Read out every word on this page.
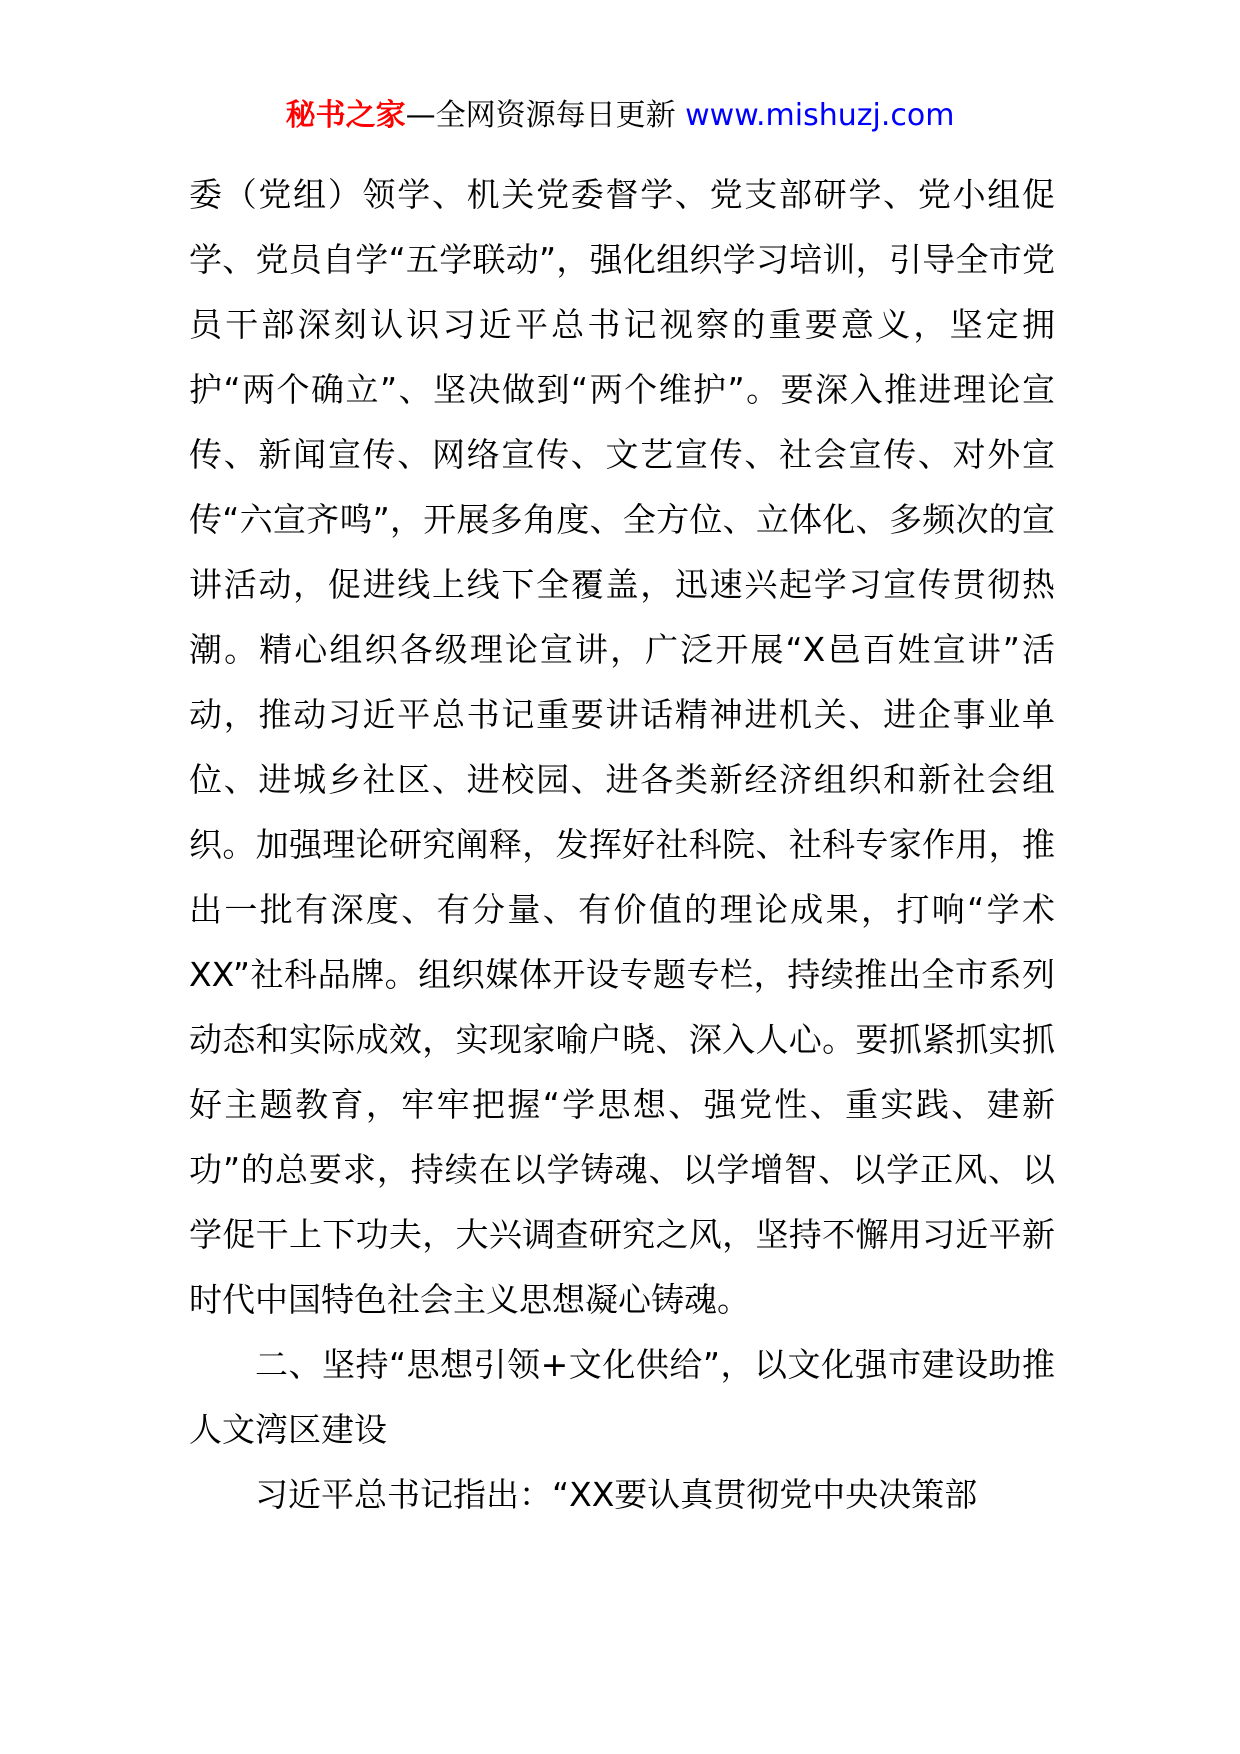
秘书之家—全网资源每日更新 www.mishuzj.com

委（党组）领学、机关党委督学、党支部研学、党小组促学、党员自学“五学联动”，强化组织学习培训，引导全市党员干部深刻认识习近平总书记视察的重要意义，坚定拥护“两个确立”、坚决做到“两个维护”。要深入推进理论宣传、新闻宣传、网络宣传、文艺宣传、社会宣传、对外宣传“六宣齐鸣”，开展多角度、全方位、立体化、多频次的宣讲活动，促进线上线下全覆盖，迅速兴起学习宣传贯彻热潮。精心组织各级理论宣讲，广泛开展“X邑百姓宣讲”活动，推动习近平总书记重要讲话精神进机关、进企事业单位、进城乡社区、进校园、进各类新经济组织和新社会组织。加强理论研究阐释，发挥好社科院、社科专家作用，推出一批有深度、有分量、有价值的理论成果，打响“学术XX”社科品牌。组织媒体开设专题专栏，持续推出全市系列动态和实际成效，实现家喻户晓、深入人心。要抓紧抓实抓好主题教育，牢牢把握“学思想、强党性、重实践、建新功”的总要求，持续在以学铸魂、以学增智、以学正风、以学促干上下功夫，大兴调查研究之风，坚持不懈用习近平新时代中国特色社会主义思想凝心铸魂。

二、坚持“思想引领+文化供给”，以文化强市建设助推人文湾区建设

习近平总书记指出：“XX要认真贯彻党中央决策部
